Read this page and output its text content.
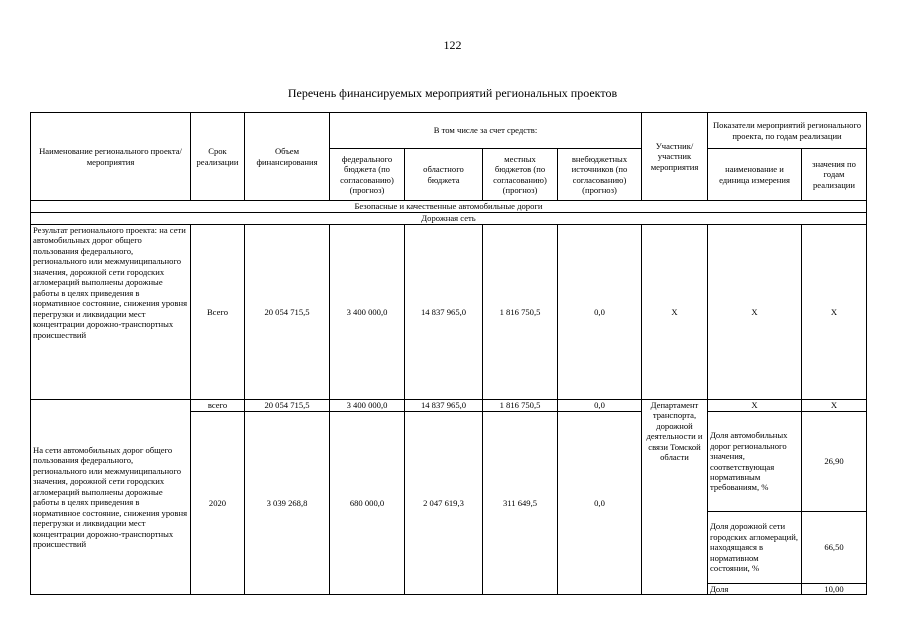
122
Перечень финансируемых мероприятий региональных проектов
Наименование регионального проекта/ мероприятия	Срок реализации	Объем финансирования	В том числе за счет средств:				Участник/ участник мероприятия	Показатели мероприятий регионального проекта, по годам реализации	
			федерального бюджета (по согласованию) (прогноз)	областного бюджета	местных бюджетов (по согласованию) (прогноз)	внебюджетных источников (по согласованию) (прогноз)		наименование и единица измерения	значения по годам реализации
Безопасные и качественные автомобильные дороги									
Дорожная сеть									
Результат регионального проекта: на сети автомобильных дорог общего пользования федерального, регионального или межмуниципального значения, дорожной сети городских агломераций выполнены дорожные работы в целях приведения в нормативное состояние, снижения уровня перегрузки и ликвидации мест концентрации дорожно-транспортных происшествий	Всего	20 054 715,5	3 400 000,0	14 837 965,0	1 816 750,5	0,0	Х	Х	Х
На сети автомобильных дорог общего пользования федерального, регионального или межмуниципального значения, дорожной сети городских агломераций выполнены дорожные работы в целях приведения в нормативное состояние, снижения уровня перегрузки и ликвидации мест концентрации дорожно-транспортных происшествий	всего	20 054 715,5	3 400 000,0	14 837 965,0	1 816 750,5	0,0	Департамент транспорта, дорожной деятельности и связи Томской области	Х	Х
	2020	3 039 268,8	680 000,0	2 047 619,3	311 649,5	0,0		Доля автомобильных дорог регионального значения, соответствующая нормативным требованиям, %	26,90
								Доля дорожной сети городских агломераций, находящаяся в нормативном состоянии, %	66,50
								Доля	10,00
